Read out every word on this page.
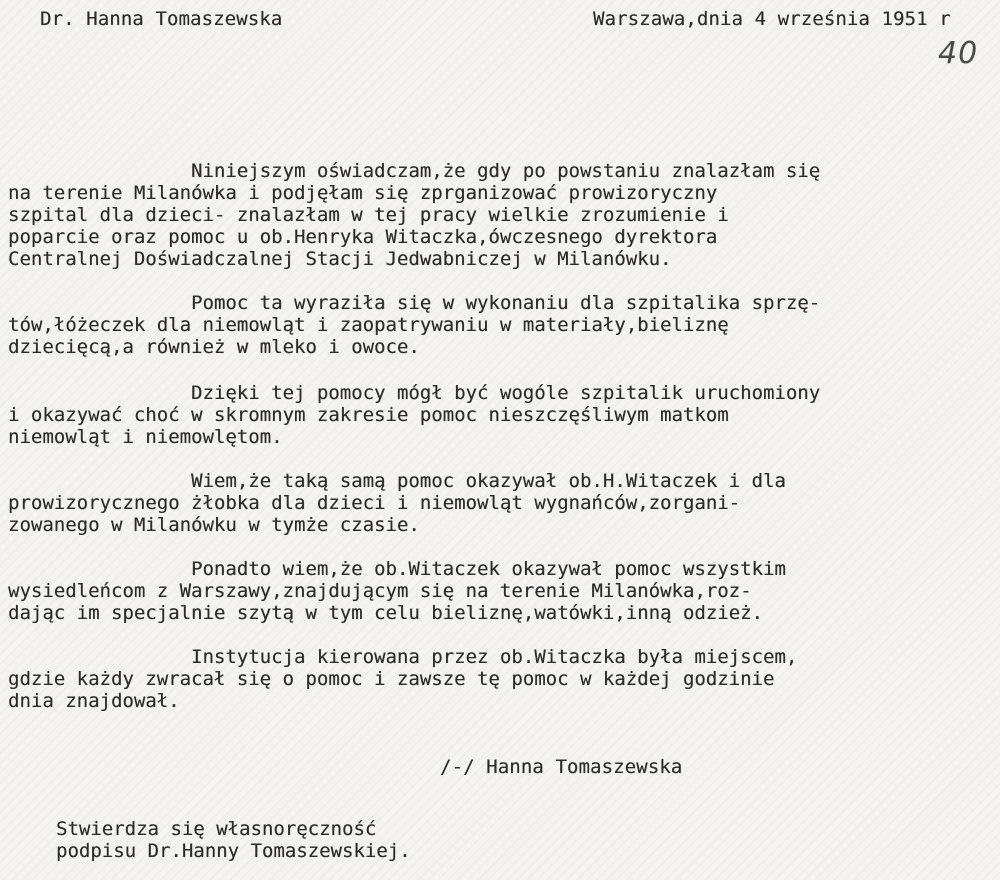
Dr. Hanna Tomaszewska	Warszawa,dnia 4 września 1951 r
40
Niniejszym oświadczam,że gdy po powstaniu znalazłam się
na terenie Milanówka i podjęłam się zprganizować prowizoryczny
szpital dla dzieci- znalazłam w tej pracy wielkie zrozumienie i
poparcie oraz pomoc u ob.Henryka Witaczka,ówczesnego dyrektora
Centralnej Doświadczalnej Stacji Jedwabniczej w Milanówku.
Pomoc ta wyraziła się w wykonaniu dla szpitalika sprzę-
tów,łóżeczek dla niemowląt i zaopatrywaniu w materiały,bieliznę
dziecięcą,a również w mleko i owoce.
Dzięki tej pomocy mógł być wogóle szpitalik uruchomiony
i okazywać choć w skromnym zakresie pomoc nieszczęśliwym matkom
niemowląt i niemowlętom.
Wiem,że taką samą pomoc okazywał ob.H.Witaczek i dla
prowizorycznego żłobka dla dzieci i niemowląt wygnańców,zorgani-
zowanego w Milanówku w tymże czasie.
Ponadto wiem,że ob.Witaczek okazywał pomoc wszystkim
wysiedleńcom z Warszawy,znajdującym się na terenie Milanówka,roz-
dając im specjalnie szytą w tym celu bieliznę,watówki,inną odzież.
Instytucja kierowana przez ob.Witaczka była miejscem,
gdzie każdy zwracał się o pomoc i zawsze tę pomoc w każdej godzinie
dnia znajdował.
/-/ Hanna Tomaszewska
Stwierdza się własnoręczność
podpisu Dr.Hanny Tomaszewskiej.
